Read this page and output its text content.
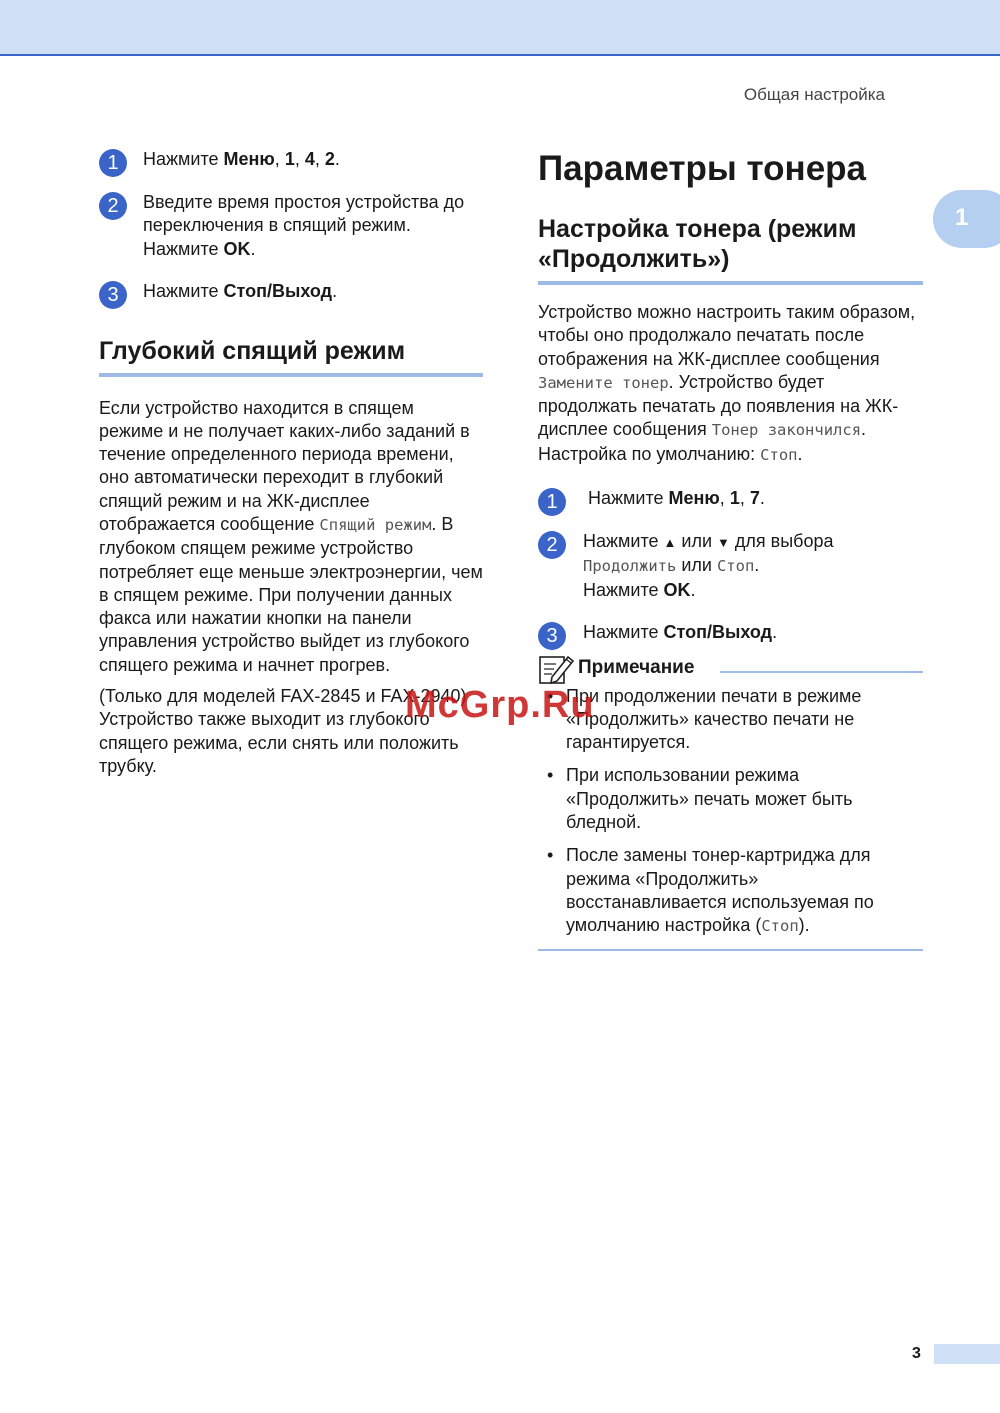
Общая настройка
1
1	Нажмите Меню, 1, 4, 2.
2	Введите время простоя устройства до переключения в спящий режим.
Нажмите OK.
3	Нажмите Стоп/Выход.
Глубокий спящий режим
Если устройство находится в спящем режиме и не получает каких-либо заданий в течение определенного периода времени, оно автоматически переходит в глубокий спящий режим и на ЖК-дисплее отображается сообщение Спящий режим. В глубоком спящем режиме устройство потребляет еще меньше электроэнергии, чем в спящем режиме. При получении данных факса или нажатии кнопки на панели управления устройство выйдет из глубокого спящего режима и начнет прогрев.
(Только для моделей FAX-2845 и FAX-2940)
Устройство также выходит из глубокого спящего режима, если снять или положить трубку.
Параметры тонера
Настройка тонера (режим «Продолжить»)
Устройство можно настроить таким образом, чтобы оно продолжало печатать после отображения на ЖК-дисплее сообщения Замените тонер. Устройство будет продолжать печатать до появления на ЖК-дисплее сообщения Тонер закончился.
Настройка по умолчанию: Стоп.
1	Нажмите Меню, 1, 7.
2	Нажмите ▲ или ▼ для выбора Продолжить или Стоп.
Нажмите OK.
3	Нажмите Стоп/Выход.
Примечание
• При продолжении печати в режиме «Продолжить» качество печати не гарантируется.
• При использовании режима «Продолжить» печать может быть бледной.
• После замены тонер-картриджа для режима «Продолжить» восстанавливается используемая по умолчанию настройка (Стоп).
McGrp.Ru
3
